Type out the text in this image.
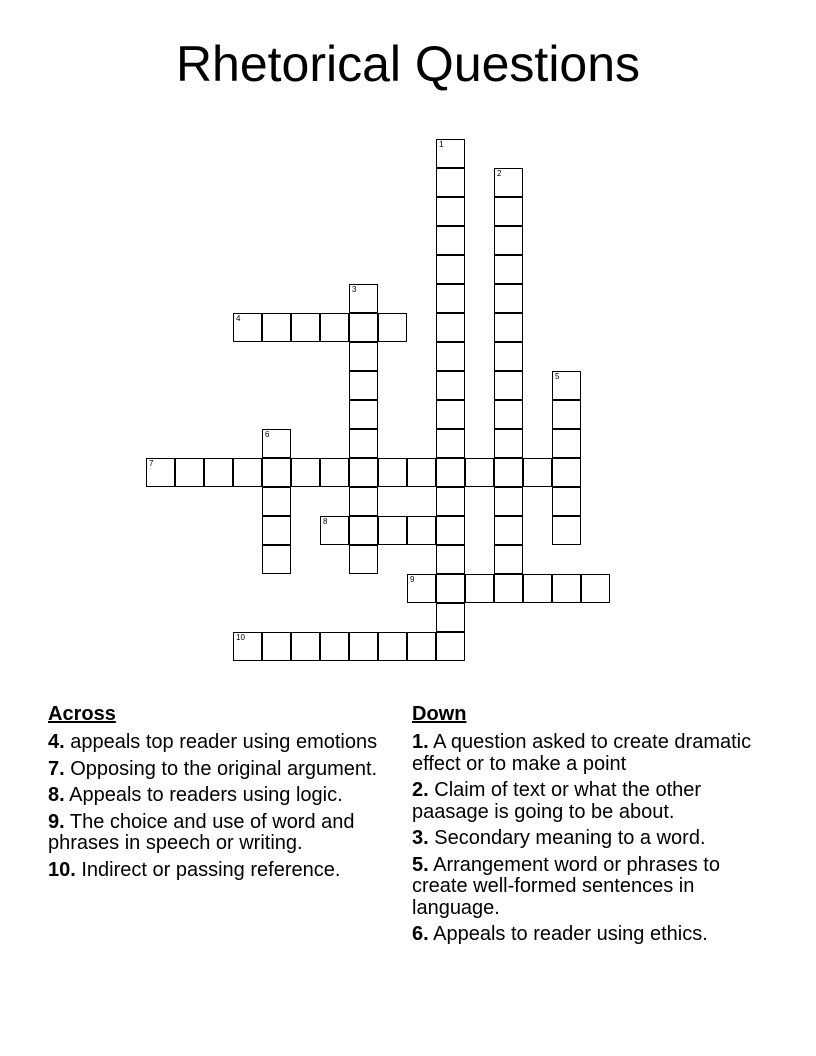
Rhetorical Questions
1
2
3
4
5
6
7
8
9
10
Across
4. appeals top reader using emotions
7. Opposing to the original argument.
8. Appeals to readers using logic.
9. The choice and use of word and phrases in speech or writing.
10. Indirect or passing reference.
Down
1. A question asked to create dramatic effect or to make a point
2. Claim of text or what the other paasage is going to be about.
3. Secondary meaning to a word.
5. Arrangement word or phrases to create well-formed sentences in language.
6. Appeals to reader using ethics.
